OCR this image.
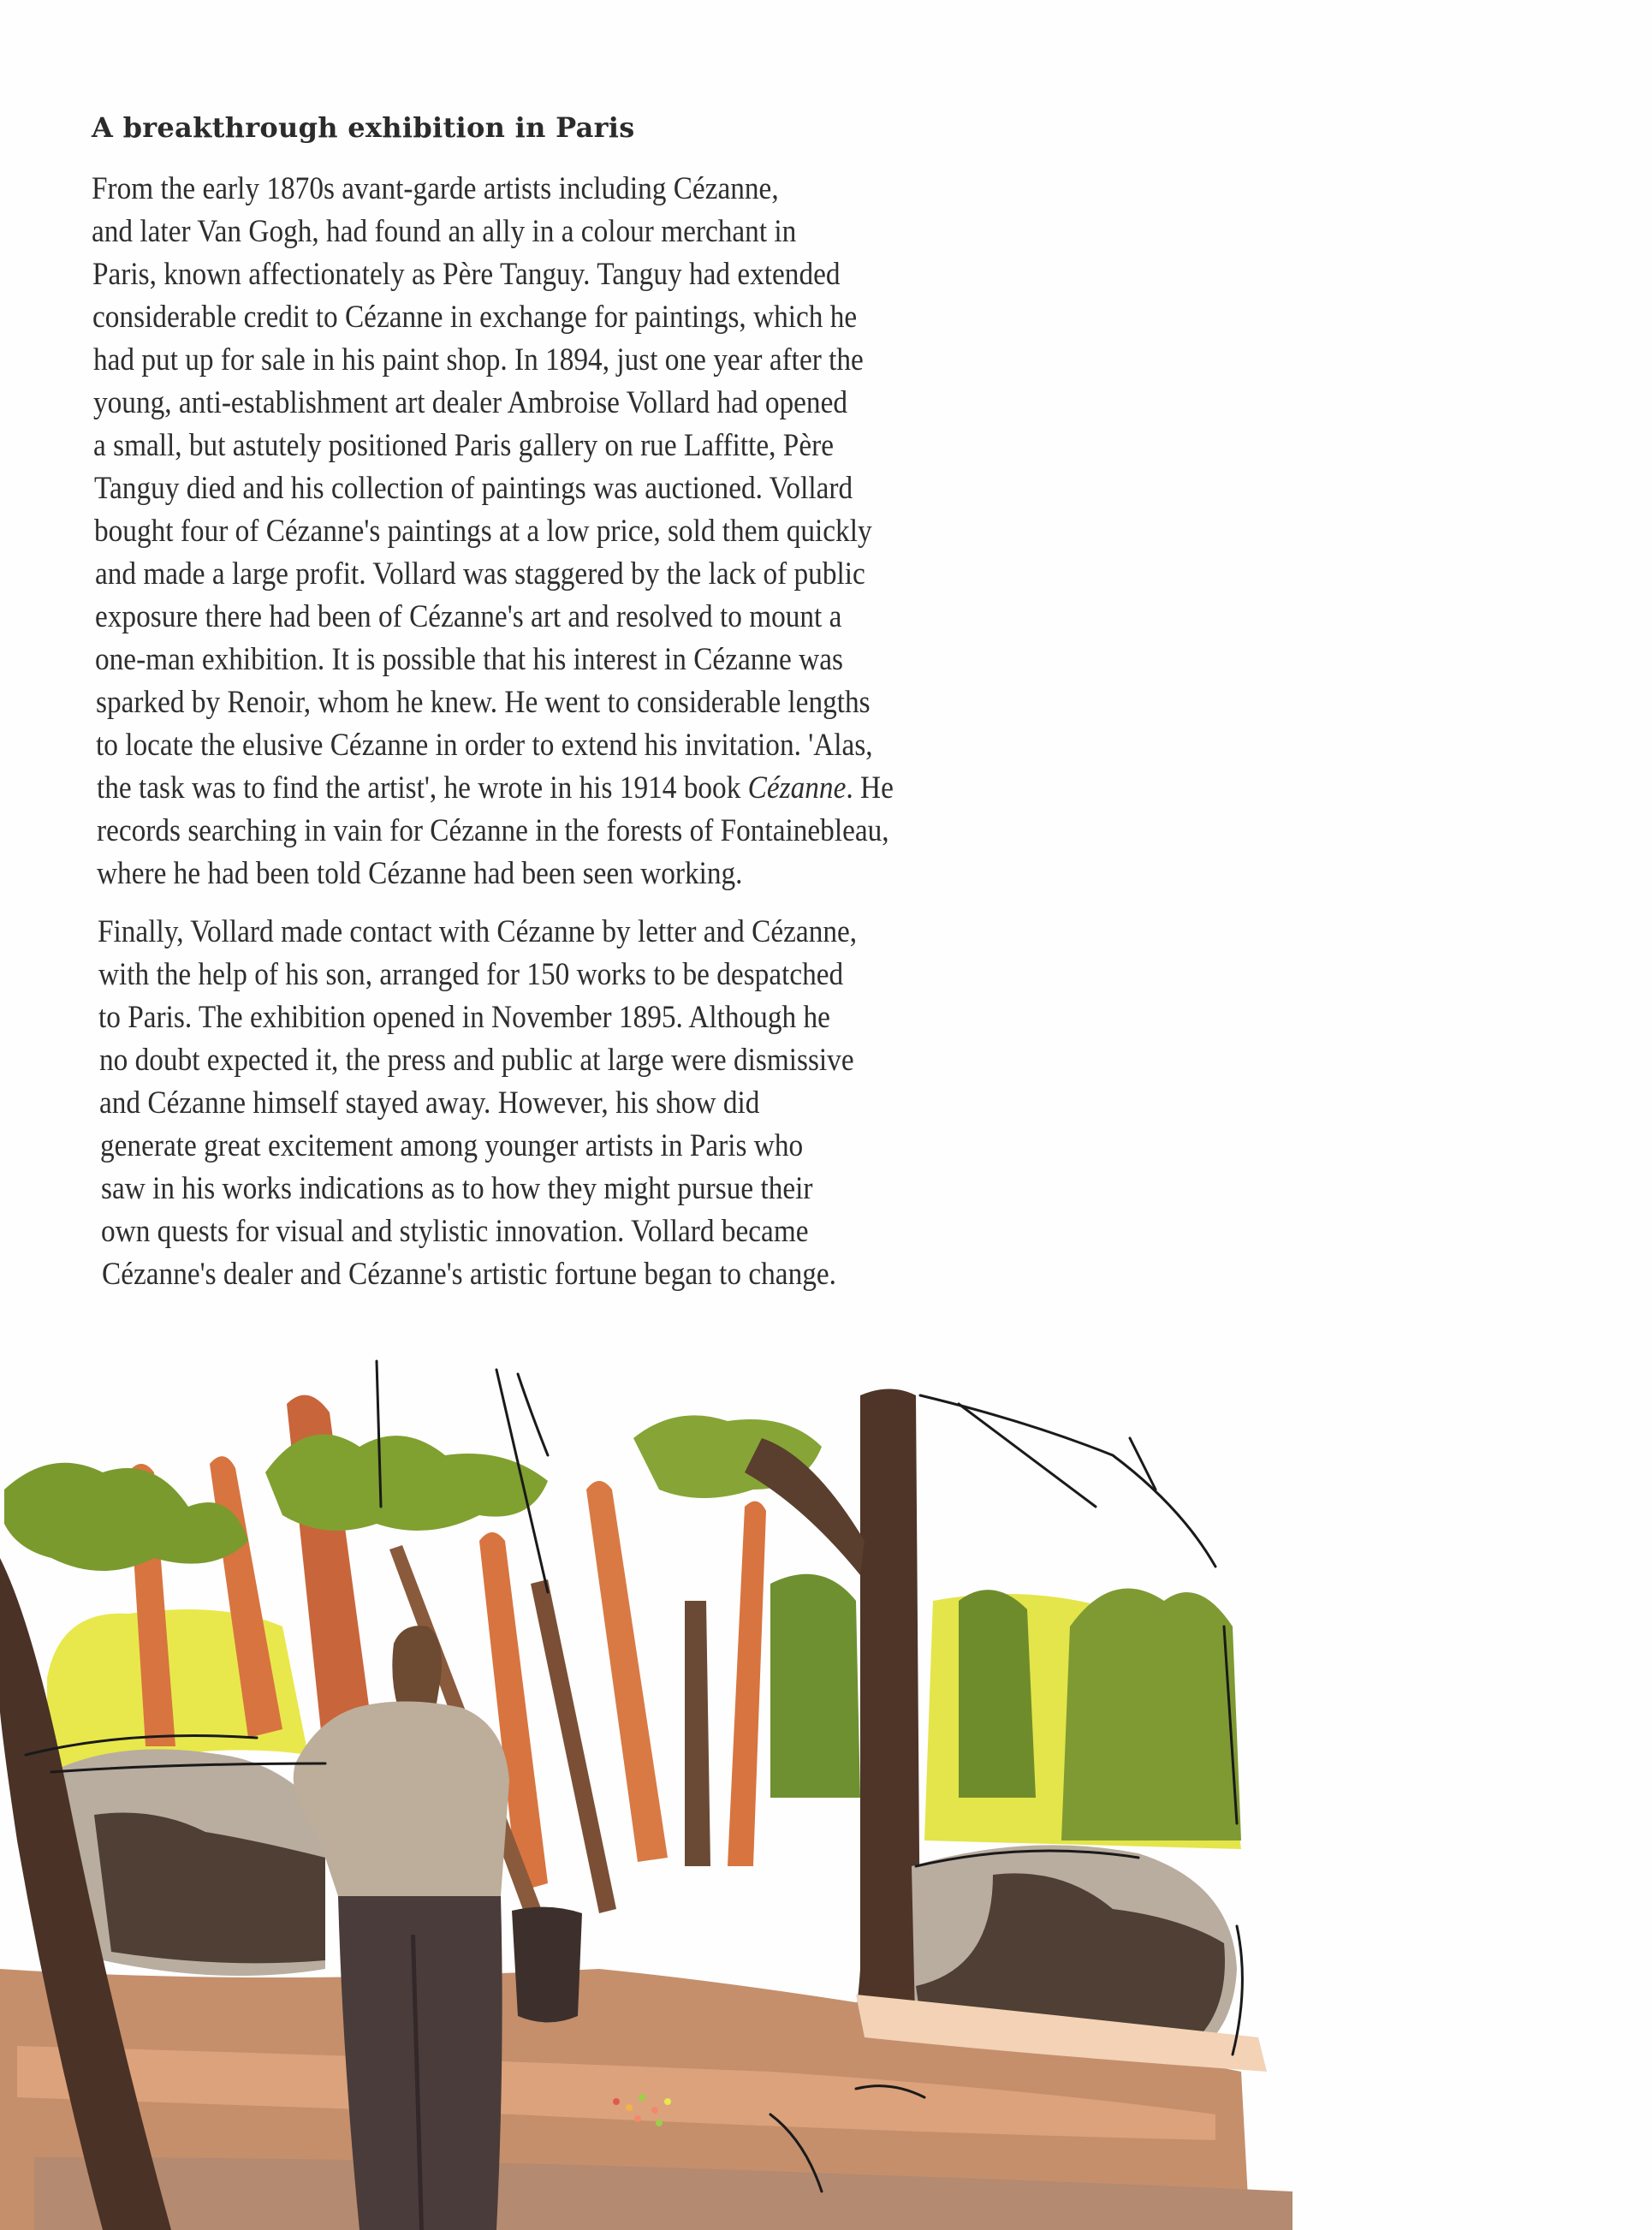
A breakthrough exhibition in Paris
From the early 1870s avant-garde artists including Cézanne,
and later Van Gogh, had found an ally in a colour merchant in
Paris, known affectionately as Père Tanguy. Tanguy had extended
considerable credit to Cézanne in exchange for paintings, which he
had put up for sale in his paint shop. In 1894, just one year after the
young, anti-establishment art dealer Ambroise Vollard had opened
a small, but astutely positioned Paris gallery on rue Laffitte, Père
Tanguy died and his collection of paintings was auctioned. Vollard
bought four of Cézanne's paintings at a low price, sold them quickly
and made a large profit. Vollard was staggered by the lack of public
exposure there had been of Cézanne's art and resolved to mount a
one-man exhibition. It is possible that his interest in Cézanne was
sparked by Renoir, whom he knew. He went to considerable lengths
to locate the elusive Cézanne in order to extend his invitation. 'Alas,
the task was to find the artist', he wrote in his 1914 book Cézanne. He
records searching in vain for Cézanne in the forests of Fontainebleau,
where he had been told Cézanne had been seen working.
Finally, Vollard made contact with Cézanne by letter and Cézanne,
with the help of his son, arranged for 150 works to be despatched
to Paris. The exhibition opened in November 1895. Although he
no doubt expected it, the press and public at large were dismissive
and Cézanne himself stayed away. However, his show did
generate great excitement among younger artists in Paris who
saw in his works indications as to how they might pursue their
own quests for visual and stylistic innovation. Vollard became
Cézanne's dealer and Cézanne's artistic fortune began to change.
